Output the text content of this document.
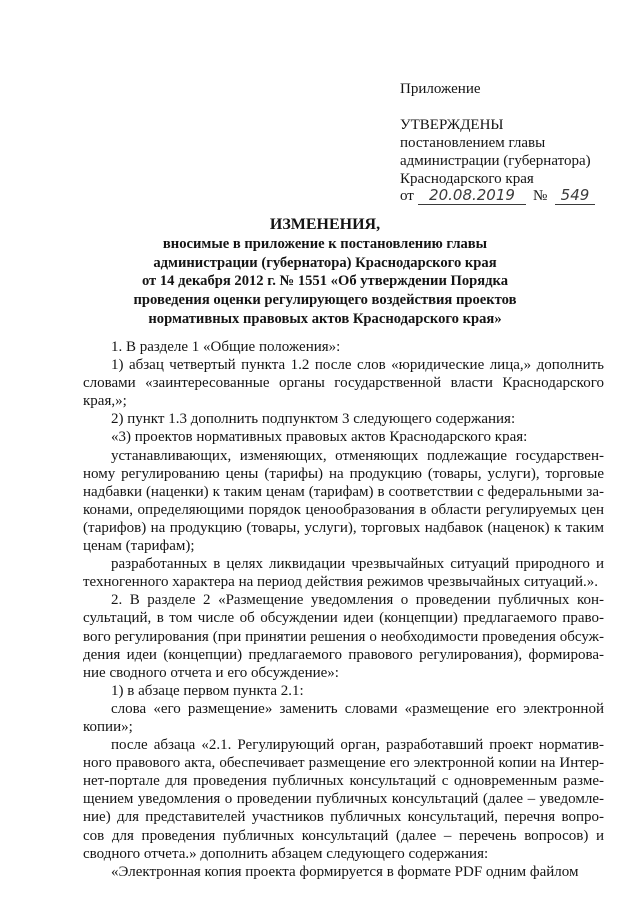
Приложение
УТВЕРЖДЕНЫ
постановлением главы
администрации (губернатора)
Краснодарского края
от	20.08.2019	№ 549
ИЗМЕНЕНИЯ,
вносимые в приложение к постановлению главы
администрации (губернатора) Краснодарского края
от 14 декабря 2012 г. № 1551 «Об утверждении Порядка
проведения оценки регулирующего воздействия проектов
нормативных правовых актов Краснодарского края»
1. В разделе 1 «Общие положения»:
1) абзац четвертый пункта 1.2 после слов «юридические лица,» дополнить
словами «заинтересованные органы государственной власти Краснодарского
края,»;
2) пункт 1.3 дополнить подпунктом 3 следующего содержания:
«3) проектов нормативных правовых актов Краснодарского края:
устанавливающих, изменяющих, отменяющих подлежащие государствен-
ному регулированию цены (тарифы) на продукцию (товары, услуги), торговые
надбавки (наценки) к таким ценам (тарифам) в соответствии с федеральными за-
конами, определяющими порядок ценообразования в области регулируемых цен
(тарифов) на продукцию (товары, услуги), торговых надбавок (наценок) к таким
ценам (тарифам);
разработанных в целях ликвидации чрезвычайных ситуаций природного и
техногенного характера на период действия режимов чрезвычайных ситуаций.».
2. В разделе 2 «Размещение уведомления о проведении публичных кон-
сультаций, в том числе об обсуждении идеи (концепции) предлагаемого право-
вого регулирования (при принятии решения о необходимости проведения обсуж-
дения идеи (концепции) предлагаемого правового регулирования), формирова-
ние сводного отчета и его обсуждение»:
1) в абзаце первом пункта 2.1:
слова «его размещение» заменить словами «размещение его электронной
копии»;
после абзаца «2.1. Регулирующий орган, разработавший проект норматив-
ного правового акта, обеспечивает размещение его электронной копии на Интер-
нет-портале для проведения публичных консультаций с одновременным разме-
щением уведомления о проведении публичных консультаций (далее – уведомле-
ние) для представителей участников публичных консультаций, перечня вопро-
сов для проведения публичных консультаций (далее – перечень вопросов) и
сводного отчета.» дополнить абзацем следующего содержания:
«Электронная копия проекта формируется в формате PDF одним файлом
